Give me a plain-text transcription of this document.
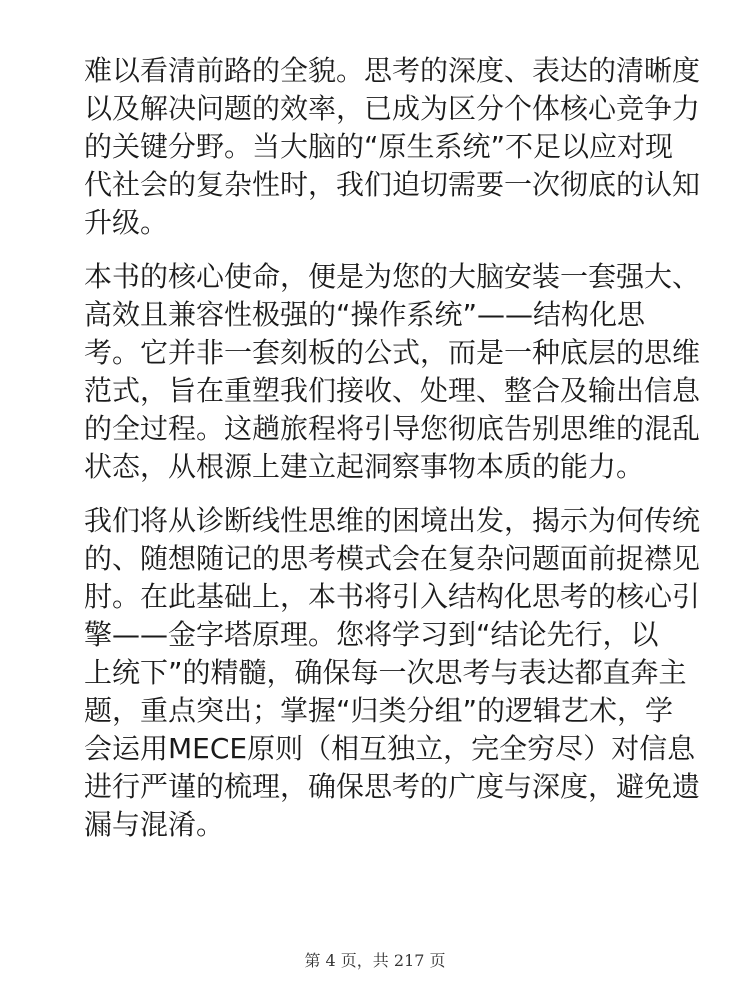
难以看清前路的全貌。思考的深度、表达的清晰度
以及解决问题的效率，已成为区分个体核心竞争力
的关键分野。当大脑的“原生系统”不足以应对现
代社会的复杂性时，我们迫切需要一次彻底的认知
升级。
本书的核心使命，便是为您的大脑安装一套强大、
高效且兼容性极强的“操作系统”——结构化思
考。它并非一套刻板的公式，而是一种底层的思维
范式，旨在重塑我们接收、处理、整合及输出信息
的全过程。这趟旅程将引导您彻底告别思维的混乱
状态，从根源上建立起洞察事物本质的能力。
我们将从诊断线性思维的困境出发，揭示为何传统
的、随想随记的思考模式会在复杂问题面前捉襟见
肘。在此基础上，本书将引入结构化思考的核心引
擎——金字塔原理。您将学习到“结论先行，以
上统下”的精髓，确保每一次思考与表达都直奔主
题，重点突出；掌握“归类分组”的逻辑艺术，学
会运用MECE原则（相互独立，完全穷尽）对信息
进行严谨的梳理，确保思考的广度与深度，避免遗
漏与混淆。
第 4 页，共 217 页
